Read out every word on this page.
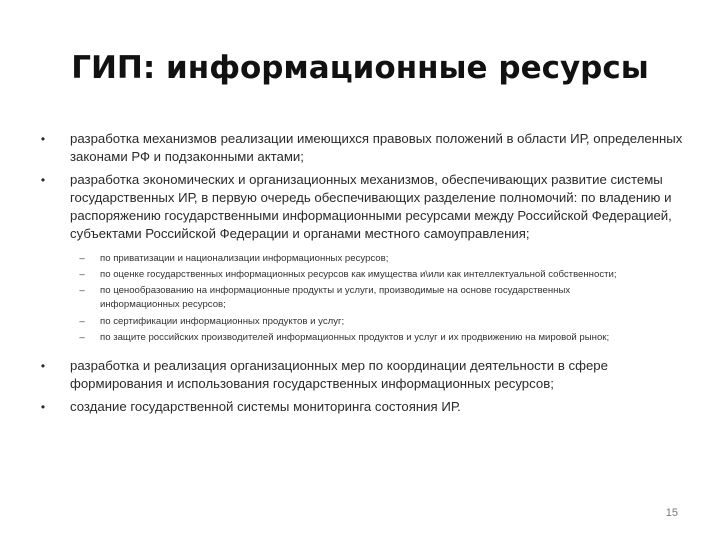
ГИП: информационные ресурсы
•	разработка механизмов реализации имеющихся правовых положений в области ИР, определенных законами РФ и подзаконными актами;
•	разработка экономических и организационных механизмов, обеспечивающих развитие системы государственных ИР, в первую очередь обеспечивающих разделение полномочий: по владению и распоряжению государственными информационными ресурсами между Российской Федерацией, субъектами Российской Федерации и органами местного самоуправления;
–	по приватизации и национализации информационных ресурсов;
–	по оценке государственных информационных ресурсов как имущества и\или как интеллектуальной собственности;
–	по ценообразованию на информационные продукты и услуги, производимые на основе государственных информационных ресурсов;
–	по сертификации информационных продуктов и услуг;
–	по защите российских производителей информационных продуктов и услуг и их продвижению на мировой рынок;
•	разработка и реализация организационных мер по координации деятельности в сфере формирования и использования государственных информационных ресурсов;
•	создание государственной системы мониторинга состояния ИР.
15
